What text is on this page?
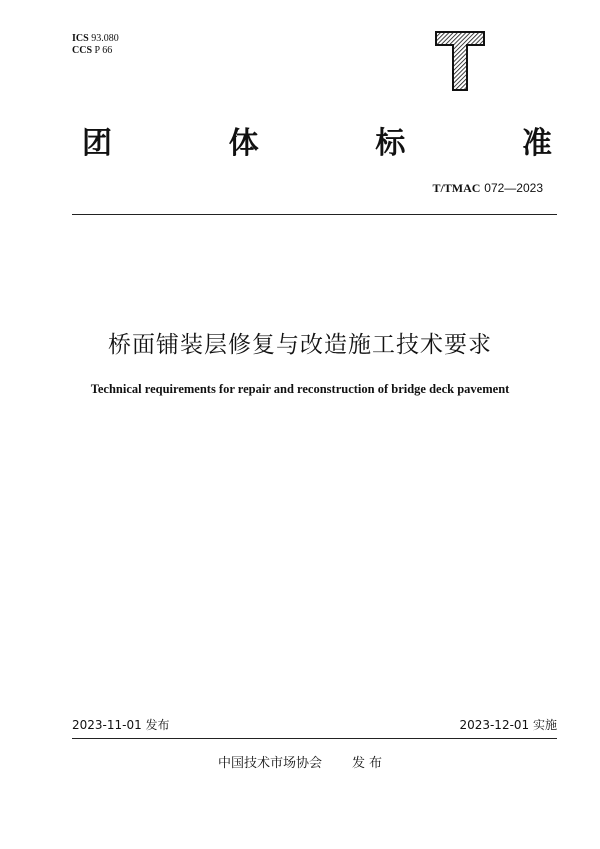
ICS 93.080
CCS P 66
团	体	标	准
T/TMAC 072—2023
桥面铺装层修复与改造施工技术要求
Technical requirements for repair and reconstruction of bridge deck pavement
2023-11-01 发布	2023-12-01 实施
中国技术市场协会 发布
